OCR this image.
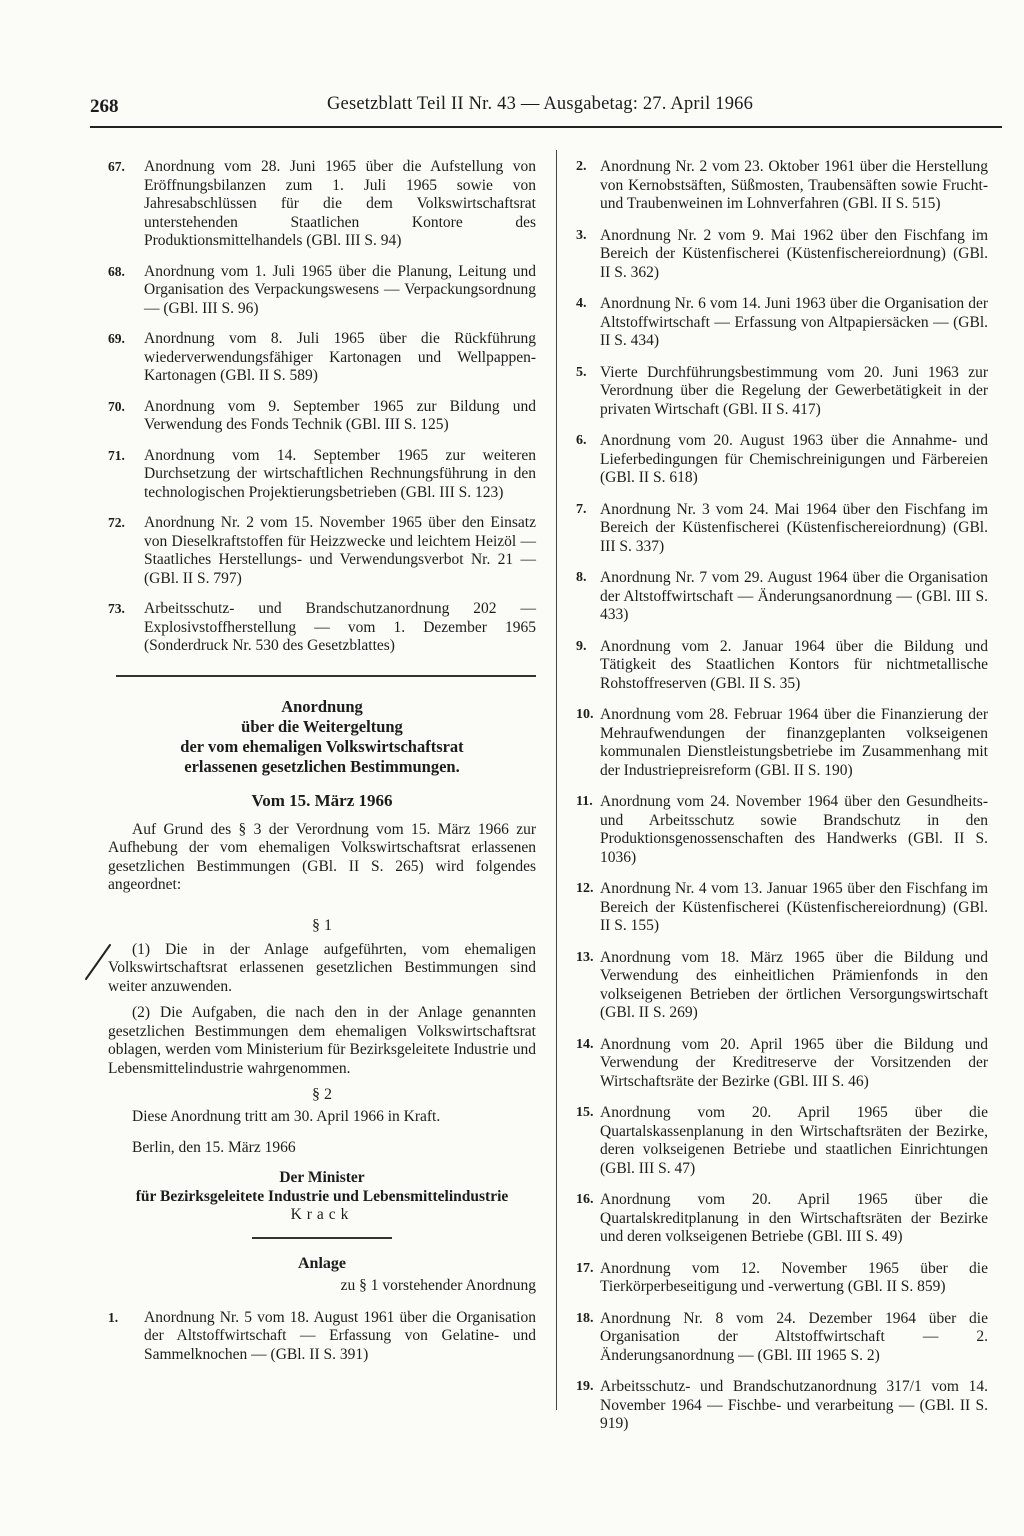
268	Gesetzblatt Teil II Nr. 43 — Ausgabetag: 27. April 1966
67. Anordnung vom 28. Juni 1965 über die Aufstellung von Eröffnungsbilanzen zum 1. Juli 1965 sowie von Jahresabschlüssen für die dem Volkswirtschaftsrat unterstehenden Staatlichen Kontore des Produktionsmittelhandels (GBl. III S. 94)
68. Anordnung vom 1. Juli 1965 über die Planung, Leitung und Organisation des Verpackungswesens — Verpackungsordnung — (GBl. III S. 96)
69. Anordnung vom 8. Juli 1965 über die Rückführung wiederverwendungsfähiger Kartonagen und Wellpappen-Kartonagen (GBl. II S. 589)
70. Anordnung vom 9. September 1965 zur Bildung und Verwendung des Fonds Technik (GBl. III S. 125)
71. Anordnung vom 14. September 1965 zur weiteren Durchsetzung der wirtschaftlichen Rechnungsführung in den technologischen Projektierungsbetrieben (GBl. III S. 123)
72. Anordnung Nr. 2 vom 15. November 1965 über den Einsatz von Dieselkraftstoffen für Heizzwecke und leichtem Heizöl — Staatliches Herstellungs- und Verwendungsverbot Nr. 21 — (GBl. II S. 797)
73. Arbeitsschutz- und Brandschutzanordnung 202 — Explosivstoffherstellung — vom 1. Dezember 1965 (Sonderdruck Nr. 530 des Gesetzblattes)
Anordnung
über die Weitergeltung
der vom ehemaligen Volkswirtschaftsrat
erlassenen gesetzlichen Bestimmungen.
Vom 15. März 1966

Auf Grund des § 3 der Verordnung vom 15. März 1966 zur Aufhebung der vom ehemaligen Volkswirtschaftsrat erlassenen gesetzlichen Bestimmungen (GBl. II S. 265) wird folgendes angeordnet:

§ 1

(1) Die in der Anlage aufgeführten, vom ehemaligen Volkswirtschaftsrat erlassenen gesetzlichen Bestimmungen sind weiter anzuwenden.

(2) Die Aufgaben, die nach den in der Anlage genannten gesetzlichen Bestimmungen dem ehemaligen Volkswirtschaftsrat oblagen, werden vom Ministerium für Bezirksgeleitete Industrie und Lebensmittelindustrie wahrgenommen.

§ 2

Diese Anordnung tritt am 30. April 1966 in Kraft.

Berlin, den 15. März 1966

Der Minister
für Bezirksgeleitete Industrie und Lebensmittelindustrie
Krack
Anlage
zu § 1 vorstehender Anordnung
1. Anordnung Nr. 5 vom 18. August 1961 über die Organisation der Altstoffwirtschaft — Erfassung von Gelatine- und Sammelknochen — (GBl. II S. 391)
2. Anordnung Nr. 2 vom 23. Oktober 1961 über die Herstellung von Kernobstsäften, Süßmosten, Traubensäften sowie Frucht- und Traubenweinen im Lohnverfahren (GBl. II S. 515)
3. Anordnung Nr. 2 vom 9. Mai 1962 über den Fischfang im Bereich der Küstenfischerei (Küstenfischereiordnung) (GBl. II S. 362)
4. Anordnung Nr. 6 vom 14. Juni 1963 über die Organisation der Altstoffwirtschaft — Erfassung von Altpapiersäcken — (GBl. II S. 434)
5. Vierte Durchführungsbestimmung vom 20. Juni 1963 zur Verordnung über die Regelung der Gewerbetätigkeit in der privaten Wirtschaft (GBl. II S. 417)
6. Anordnung vom 20. August 1963 über die Annahme- und Lieferbedingungen für Chemischreinigungen und Färbereien (GBl. II S. 618)
7. Anordnung Nr. 3 vom 24. Mai 1964 über den Fischfang im Bereich der Küstenfischerei (Küstenfischereiordnung) (GBl. III S. 337)
8. Anordnung Nr. 7 vom 29. August 1964 über die Organisation der Altstoffwirtschaft — Änderungsanordnung — (GBl. III S. 433)
9. Anordnung vom 2. Januar 1964 über die Bildung und Tätigkeit des Staatlichen Kontors für nichtmetallische Rohstoffreserven (GBl. II S. 35)
10. Anordnung vom 28. Februar 1964 über die Finanzierung der Mehraufwendungen der finanzgeplanten volkseigenen kommunalen Dienstleistungsbetriebe im Zusammenhang mit der Industriepreisreform (GBl. II S. 190)
11. Anordnung vom 24. November 1964 über den Gesundheits- und Arbeitsschutz sowie Brandschutz in den Produktionsgenossenschaften des Handwerks (GBl. II S. 1036)
12. Anordnung Nr. 4 vom 13. Januar 1965 über den Fischfang im Bereich der Küstenfischerei (Küstenfischereiordnung) (GBl. II S. 155)
13. Anordnung vom 18. März 1965 über die Bildung und Verwendung des einheitlichen Prämienfonds in den volkseigenen Betrieben der örtlichen Versorgungswirtschaft (GBl. II S. 269)
14. Anordnung vom 20. April 1965 über die Bildung und Verwendung der Kreditreserve der Vorsitzenden der Wirtschaftsräte der Bezirke (GBl. III S. 46)
15. Anordnung vom 20. April 1965 über die Quartalskassenplanung in den Wirtschaftsräten der Bezirke, deren volkseigenen Betriebe und staatlichen Einrichtungen (GBl. III S. 47)
16. Anordnung vom 20. April 1965 über die Quartalskreditplanung in den Wirtschaftsräten der Bezirke und deren volkseigenen Betriebe (GBl. III S. 49)
17. Anordnung vom 12. November 1965 über die Tierkörperbeseitigung und -verwertung (GBl. II S. 859)
18. Anordnung Nr. 8 vom 24. Dezember 1964 über die Organisation der Altstoffwirtschaft — 2. Änderungsanordnung — (GBl. III 1965 S. 2)
19. Arbeitsschutz- und Brandschutzanordnung 317/1 vom 14. November 1964 — Fischbe- und verarbeitung — (GBl. II S. 919)
